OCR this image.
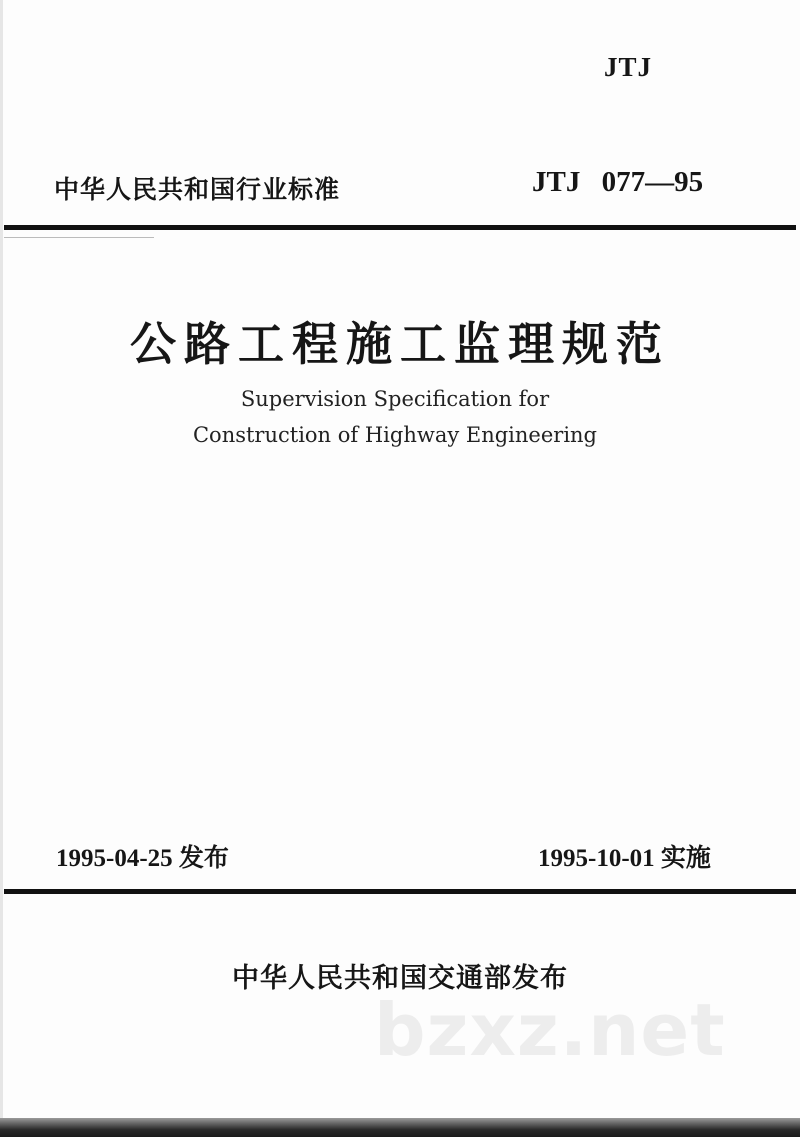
JTJ
中华人民共和国行业标准	JTJ 077—95
公路工程施工监理规范
Supervision Specification for
Construction of Highway Engineering
1995-04-25 发布	1995-10-01 实施
中华人民共和国交通部发布
bzxz.net
